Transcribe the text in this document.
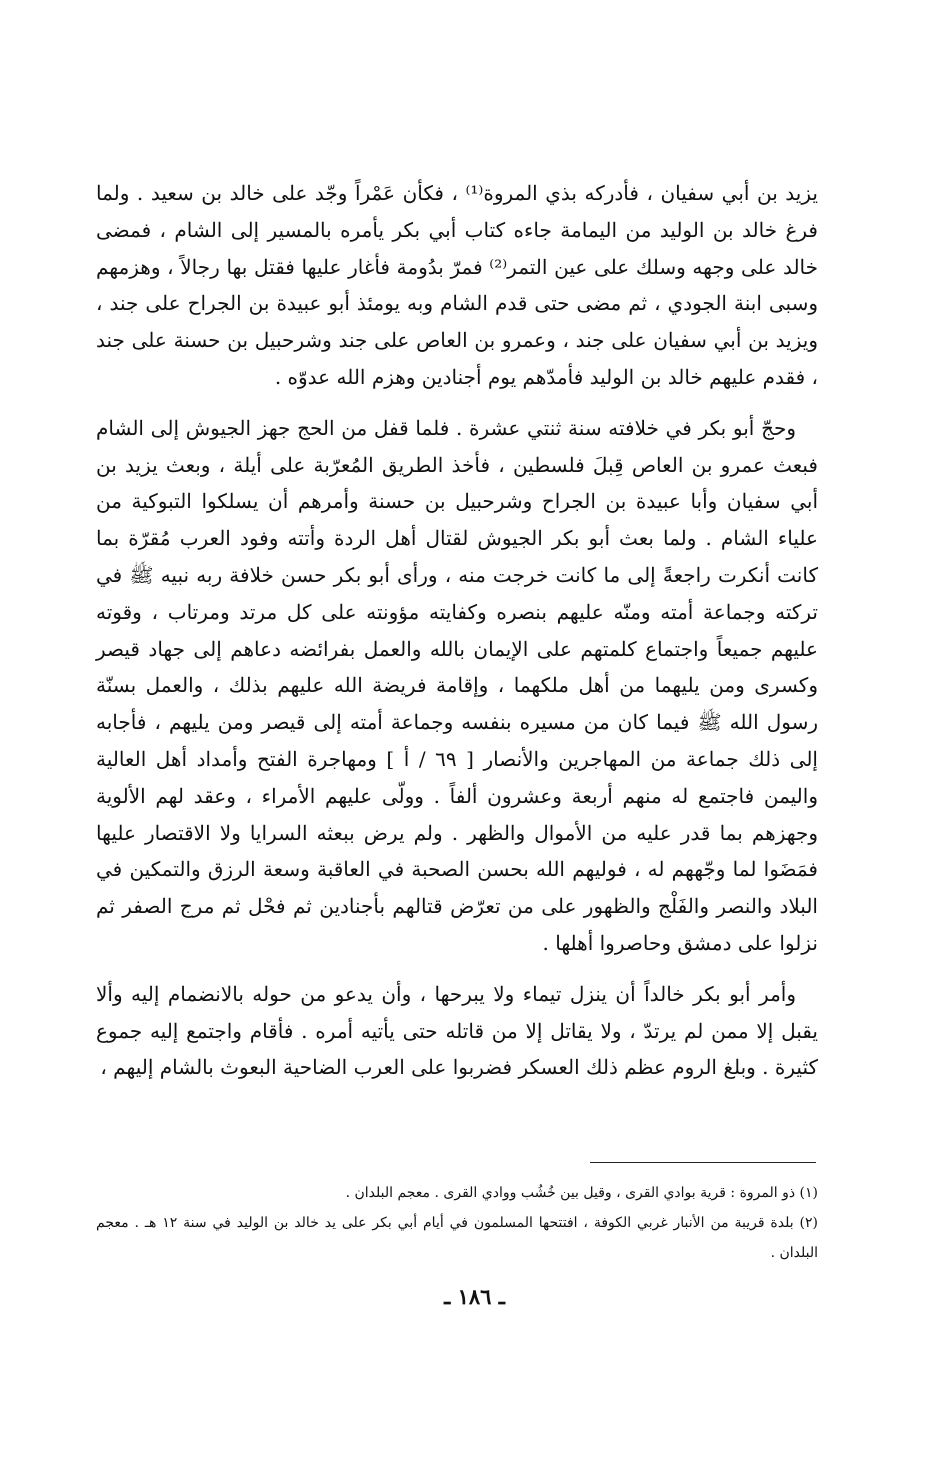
يزيد بن أبي سفيان ، فأدركه بذي المروة⁽¹⁾ ، فكأن عَمْراً وجّد على خالد بن سعيد . ولما فرغ خالد بن الوليد من اليمامة جاءه كتاب أبي بكر يأمره بالمسير إلى الشام ، فمضى خالد على وجهه وسلك على عين التمر⁽²⁾ فمرّ بدُومة فأغار عليها فقتل بها رجالاً ، وهزمهم وسبى ابنة الجودي ، ثم مضى حتى قدم الشام وبه يومئذ أبو عبيدة بن الجراح على جند ، ويزيد بن أبي سفيان على جند ، وعمرو بن العاص على جند وشرحبيل بن حسنة على جند ، فقدم عليهم خالد بن الوليد فأمدّهم يوم أجنادين وهزم الله عدوّه .

وحجّ أبو بكر في خلافته سنة ثنتي عشرة . فلما قفل من الحج جهز الجيوش إلى الشام فبعث عمرو بن العاص قِبلَ فلسطين ، فأخذ الطريق المُعرّبة على أيلة ، وبعث يزيد بن أبي سفيان وأبا عبيدة بن الجراح وشرحبيل بن حسنة وأمرهم أن يسلكوا التبوكية من علياء الشام . ولما بعث أبو بكر الجيوش لقتال أهل الردة وأتته وفود العرب مُقرّة بما كانت أنكرت راجعةً إلى ما كانت خرجت منه ، ورأى أبو بكر حسن خلافة ربه نبيه ﷺ في تركته وجماعة أمته ومنّه عليهم بنصره وكفايته مؤونته على كل مرتد ومرتاب ، وقوته عليهم جميعاً واجتماع كلمتهم على الإيمان بالله والعمل بفرائضه دعاهم إلى جهاد قيصر وكسرى ومن يليهما من أهل ملكهما ، وإقامة فريضة الله عليهم بذلك ، والعمل بسنّة رسول الله ﷺ فيما كان من مسيره بنفسه وجماعة أمته إلى قيصر ومن يليهم ، فأجابه إلى ذلك جماعة من المهاجرين والأنصار [ ٦٩ / أ ] ومهاجرة الفتح وأمداد أهل العالية واليمن فاجتمع له منهم أربعة وعشرون ألفاً . وولّى عليهم الأمراء ، وعقد لهم الألوية وجهزهم بما قدر عليه من الأموال والظهر . ولم يرض ببعثه السرايا ولا الاقتصار عليها فمَضَوا لما وجّههم له ، فوليهم الله بحسن الصحبة في العاقبة وسعة الرزق والتمكين في البلاد والنصر والفَلْج والظهور على من تعرّض قتالهم بأجنادين ثم فحْل ثم مرج الصفر ثم نزلوا على دمشق وحاصروا أهلها .

وأمر أبو بكر خالداً أن ينزل تيماء ولا يبرحها ، وأن يدعو من حوله بالانضمام إليه وألا يقبل إلا ممن لم يرتدّ ، ولا يقاتل إلا من قاتله حتى يأتيه أمره . فأقام واجتمع إليه جموع كثيرة . وبلغ الروم عظم ذلك العسكر فضربوا على العرب الضاحية البعوث بالشام إليهم ،

(١) ذو المروة : قرية بوادي القرى ، وقيل بين خُشُب ووادي القرى . معجم البلدان .

(٢) بلدة قريبة من الأنبار غربي الكوفة ، افتتحها المسلمون في أيام أبي بكر على يد خالد بن الوليد في سنة ١٢ هـ . معجم البلدان .

ـ ١٨٦ ـ
